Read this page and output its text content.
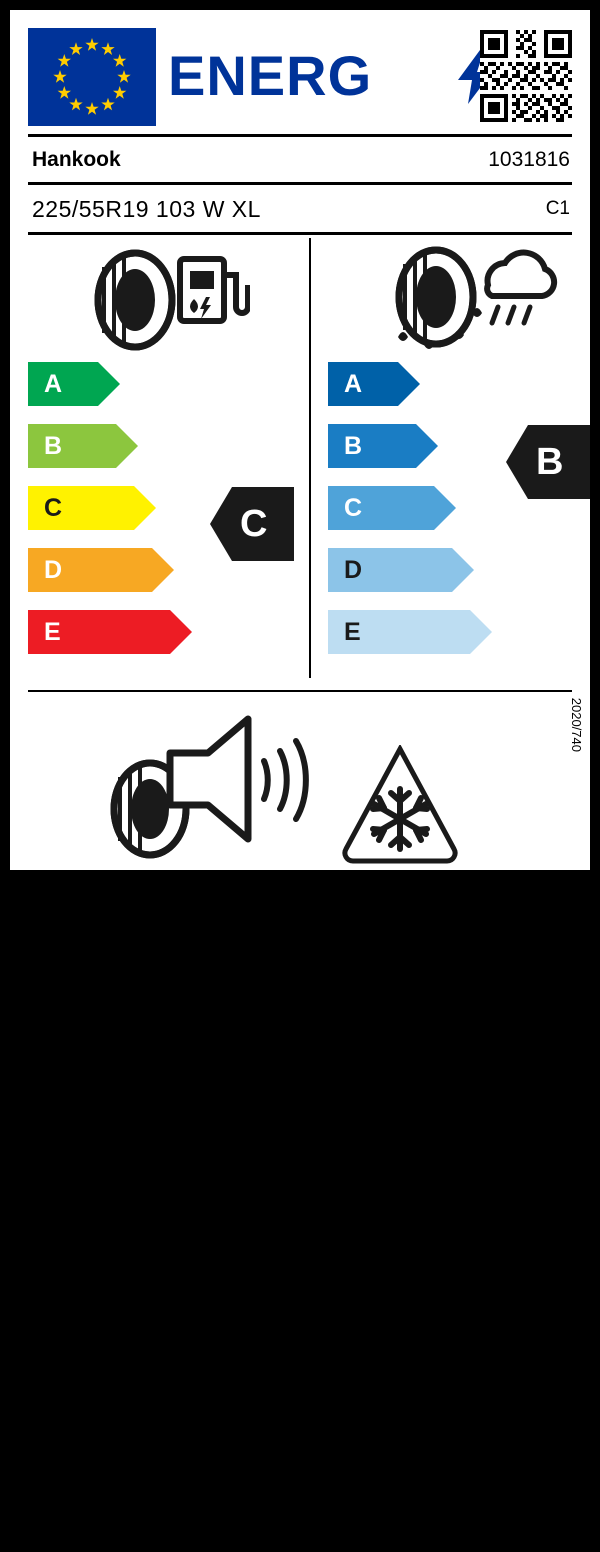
ENERG
Hankook	1031816
225/55R19 103 W XL	C1
A
B
C
D
E
C
A
B
C
D
E
B
72 dB
ABC
2020/740
